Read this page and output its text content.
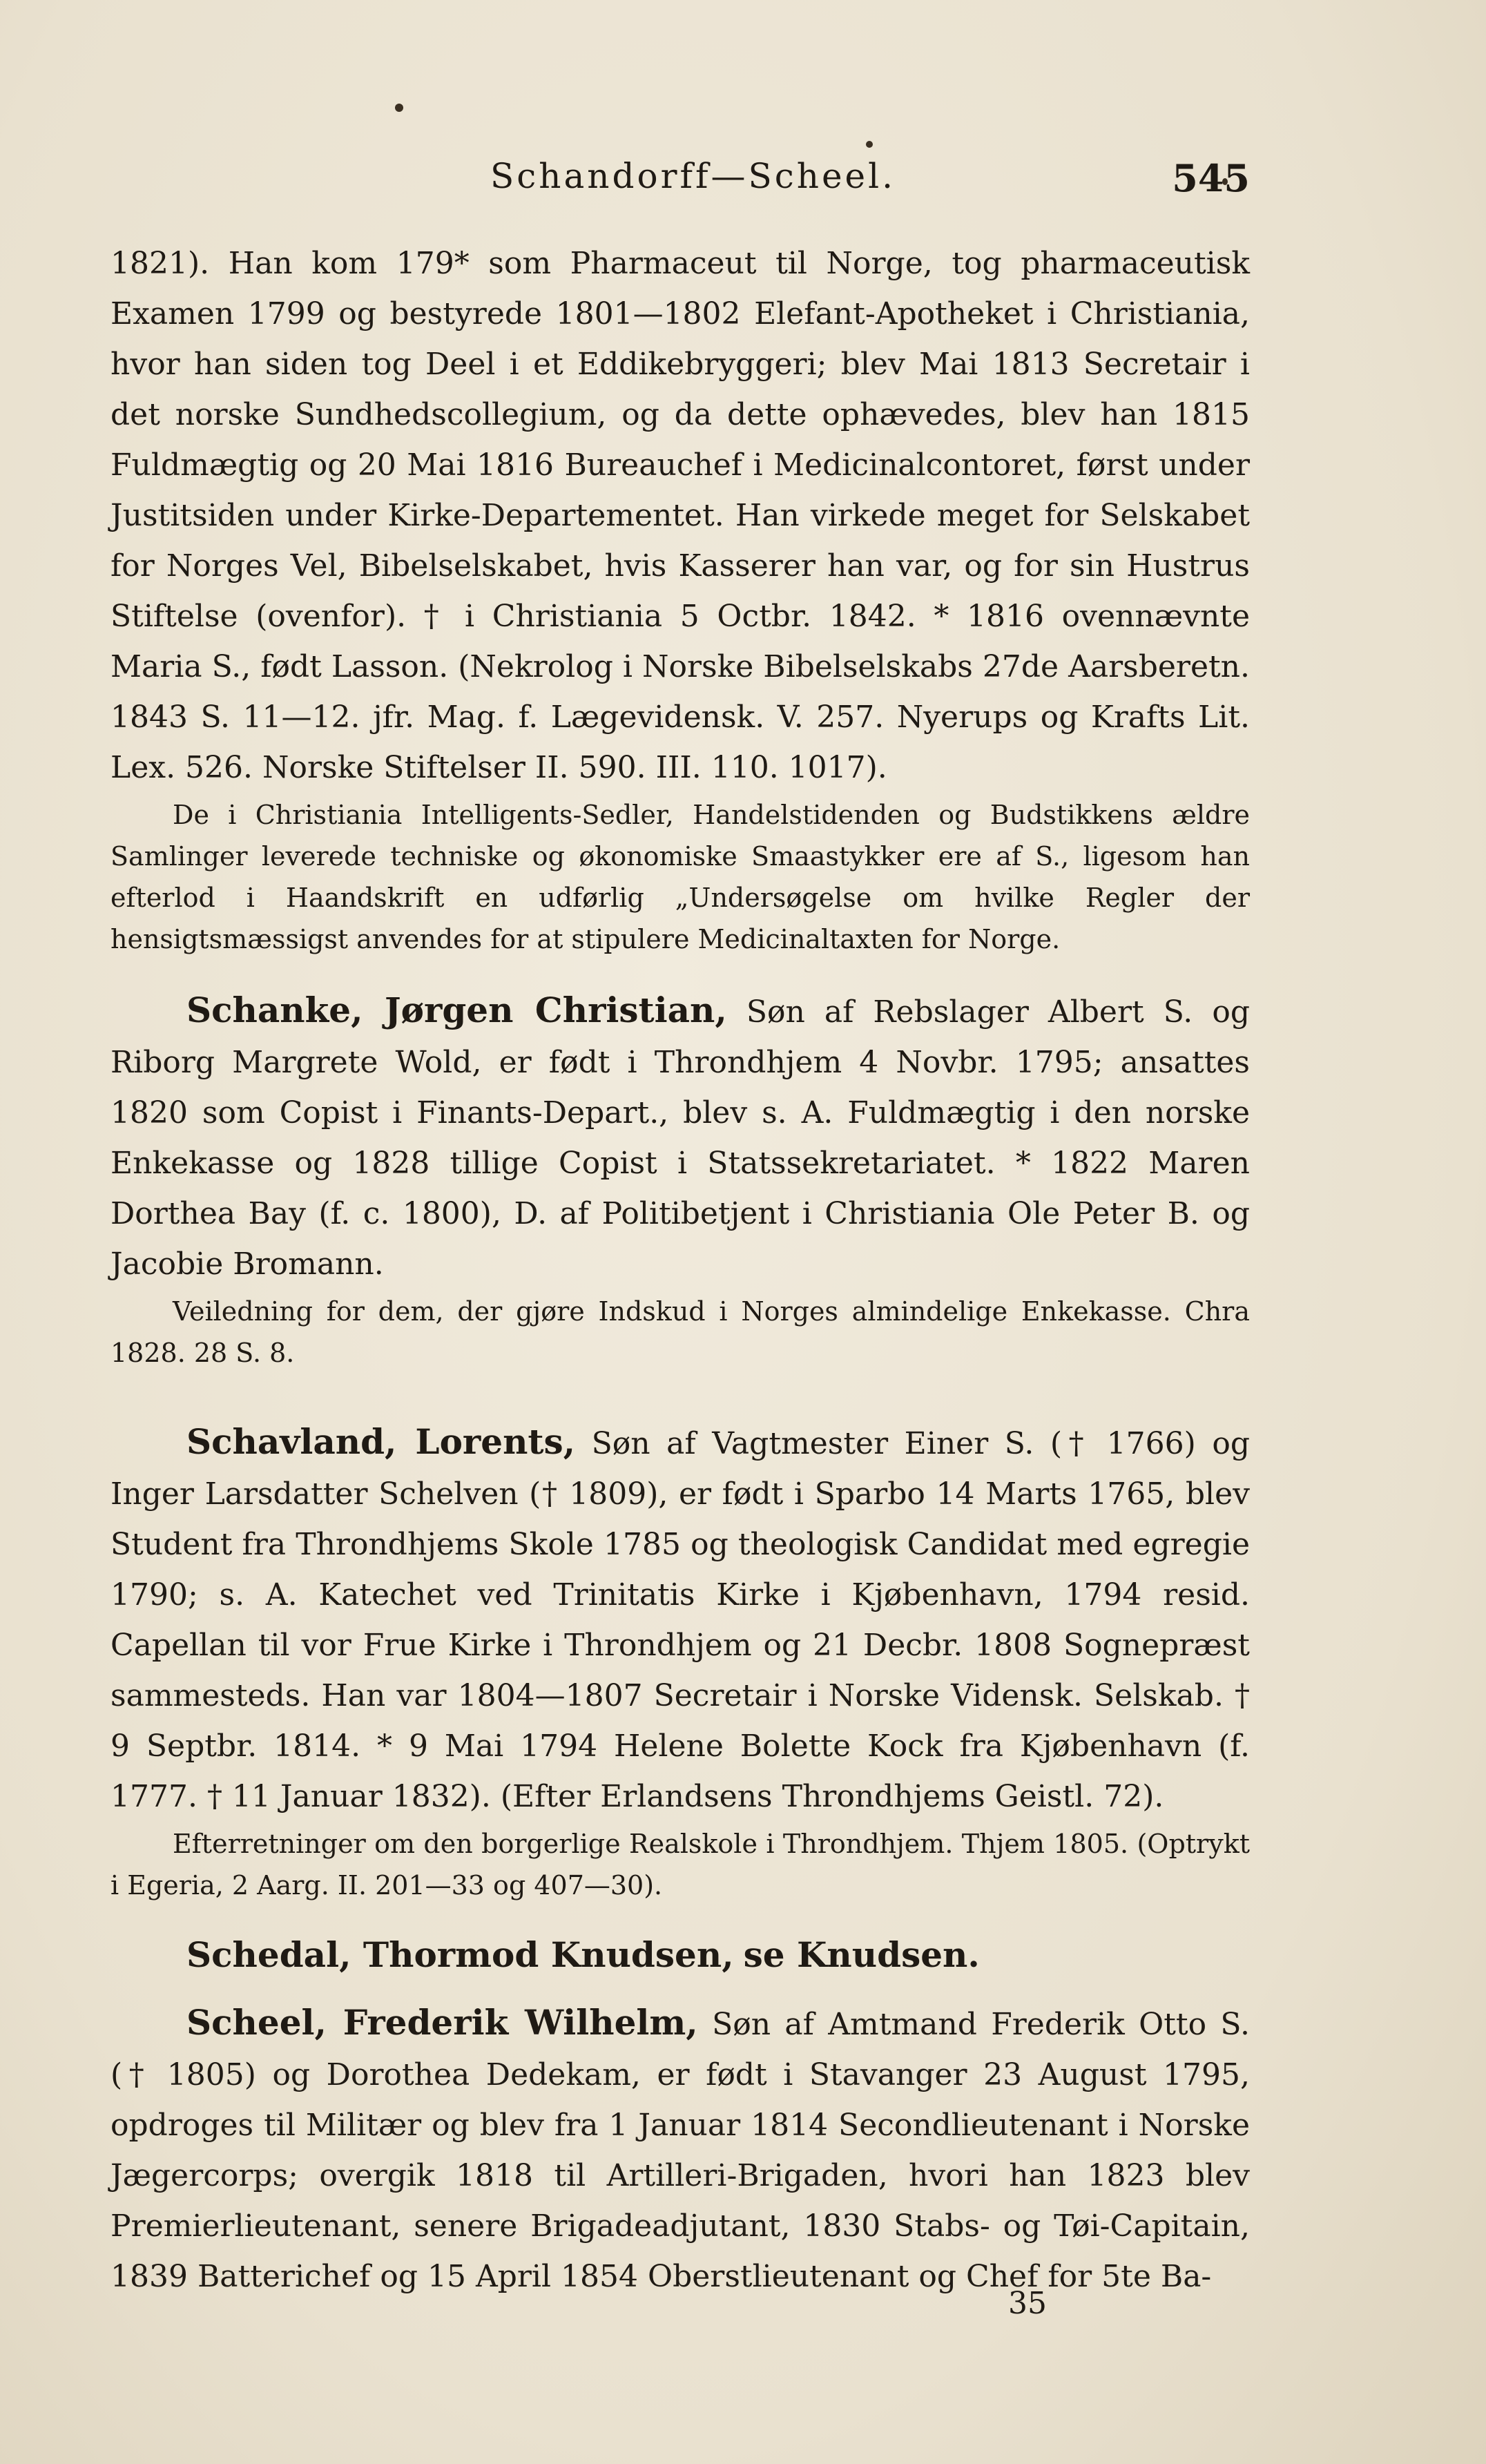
Schandorff—Scheel.	545

1821). Han kom 179* som Pharmaceut til Norge, tog pharmaceutisk Examen 1799 og bestyrede 1801—1802 Elefant-Apotheket i Christiania, hvor han siden tog Deel i et Eddikebryggeri; blev Mai 1813 Secretair i det norske Sundhedscollegium, og da dette ophævedes, blev han 1815 Fuldmægtig og 20 Mai 1816 Bureauchef i Medicinalcontoret, først under Justitsiden under Kirke-Departementet. Han virkede meget for Selskabet for Norges Vel, Bibelselskabet, hvis Kasserer han var, og for sin Hustrus Stiftelse (ovenfor). † i Christiania 5 Octbr. 1842. * 1816 ovennævnte Maria S., født Lasson. (Nekrolog i Norske Bibelselskabs 27de Aarsberetn. 1843 S. 11—12. jfr. Mag. f. Lægevidensk. V. 257. Nyerups og Krafts Lit. Lex. 526. Norske Stiftelser II. 590. III. 110. 1017).

De i Christiania Intelligents-Sedler, Handelstidenden og Budstikkens ældre Samlinger leverede techniske og økonomiske Smaastykker ere af S., ligesom han efterlod i Haandskrift en udførlig „Undersøgelse om hvilke Regler der hensigtsmæssigst anvendes for at stipulere Medicinaltaxten for Norge.

Schanke, Jørgen Christian, Søn af Rebslager Albert S. og Riborg Margrete Wold, er født i Throndhjem 4 Novbr. 1795; ansattes 1820 som Copist i Finants-Depart., blev s. A. Fuldmægtig i den norske Enkekasse og 1828 tillige Copist i Statssekretariatet. * 1822 Maren Dorthea Bay (f. c. 1800), D. af Politibetjent i Christiania Ole Peter B. og Jacobie Bromann.

Veiledning for dem, der gjøre Indskud i Norges almindelige Enkekasse. Chra 1828. 28 S. 8.

Schavland, Lorents, Søn af Vagtmester Einer S. († 1766) og Inger Larsdatter Schelven († 1809), er født i Sparbo 14 Marts 1765, blev Student fra Throndhjems Skole 1785 og theologisk Candidat med egregie 1790; s. A. Katechet ved Trinitatis Kirke i Kjøbenhavn, 1794 resid. Capellan til vor Frue Kirke i Throndhjem og 21 Decbr. 1808 Sognepræst sammesteds. Han var 1804—1807 Secretair i Norske Vidensk. Selskab. † 9 Septbr. 1814. * 9 Mai 1794 Helene Bolette Kock fra Kjøbenhavn (f. 1777. † 11 Januar 1832). (Efter Erlandsens Throndhjems Geistl. 72).

Efterretninger om den borgerlige Realskole i Throndhjem. Thjem 1805. (Optrykt i Egeria, 2 Aarg. II. 201—33 og 407—30).

Schedal, Thormod Knudsen, se Knudsen.

Scheel, Frederik Wilhelm, Søn af Amtmand Frederik Otto S. († 1805) og Dorothea Dedekam, er født i Stavanger 23 August 1795, opdroges til Militær og blev fra 1 Januar 1814 Secondlieutenant i Norske Jægercorps; overgik 1818 til Artilleri-Brigaden, hvori han 1823 blev Premierlieutenant, senere Brigadeadjutant, 1830 Stabs- og Tøi-Capitain, 1839 Batterichef og 15 April 1854 Oberstlieutenant og Chef for 5te Ba-

35
